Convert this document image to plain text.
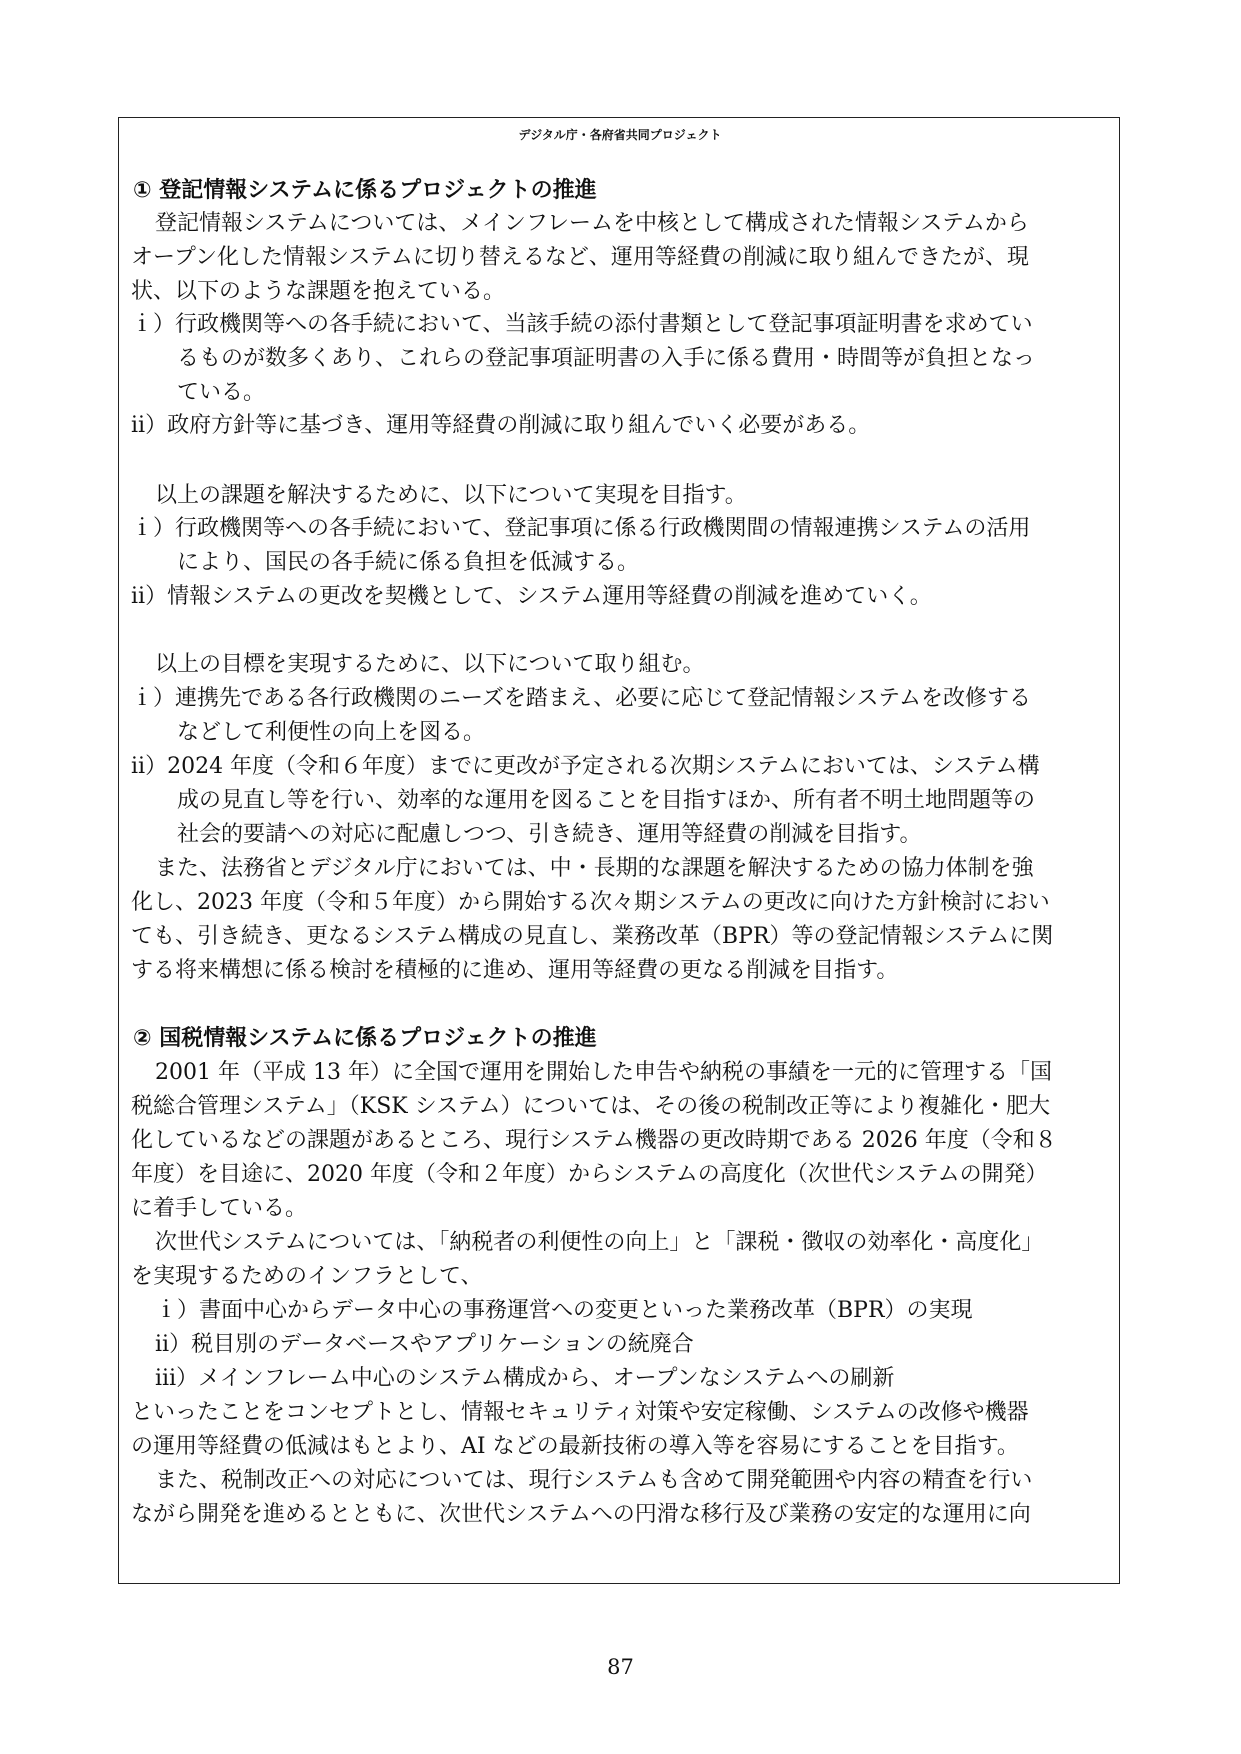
デジタル庁・各府省共同プロジェクト
① 登記情報システムに係るプロジェクトの推進
登記情報システムについては、メインフレームを中核として構成された情報システムから
オープン化した情報システムに切り替えるなど、運用等経費の削減に取り組んできたが、現
状、以下のような課題を抱えている。
ｉ）行政機関等への各手続において、当該手続の添付書類として登記事項証明書を求めてい
るものが数多くあり、これらの登記事項証明書の入手に係る費用・時間等が負担となっ
ている。
ⅱ）政府方針等に基づき、運用等経費の削減に取り組んでいく必要がある。
以上の課題を解決するために、以下について実現を目指す。
ｉ）行政機関等への各手続において、登記事項に係る行政機関間の情報連携システムの活用
により、国民の各手続に係る負担を低減する。
ⅱ）情報システムの更改を契機として、システム運用等経費の削減を進めていく。
以上の目標を実現するために、以下について取り組む。
ｉ）連携先である各行政機関のニーズを踏まえ、必要に応じて登記情報システムを改修する
などして利便性の向上を図る。
ⅱ）2024 年度（令和６年度）までに更改が予定される次期システムにおいては、システム構
成の見直し等を行い、効率的な運用を図ることを目指すほか、所有者不明土地問題等の
社会的要請への対応に配慮しつつ、引き続き、運用等経費の削減を目指す。
また、法務省とデジタル庁においては、中・長期的な課題を解決するための協力体制を強
化し、2023 年度（令和５年度）から開始する次々期システムの更改に向けた方針検討におい
ても、引き続き、更なるシステム構成の見直し、業務改革（BPR）等の登記情報システムに関
する将来構想に係る検討を積極的に進め、運用等経費の更なる削減を目指す。
② 国税情報システムに係るプロジェクトの推進
2001 年（平成 13 年）に全国で運用を開始した申告や納税の事績を一元的に管理する「国
税総合管理システム」（KSK システム）については、その後の税制改正等により複雑化・肥大
化しているなどの課題があるところ、現行システム機器の更改時期である 2026 年度（令和８
年度）を目途に、2020 年度（令和２年度）からシステムの高度化（次世代システムの開発）
に着手している。
次世代システムについては、「納税者の利便性の向上」と「課税・徴収の効率化・高度化」
を実現するためのインフラとして、
ｉ）書面中心からデータ中心の事務運営への変更といった業務改革（BPR）の実現
ⅱ）税目別のデータベースやアプリケーションの統廃合
ⅲ）メインフレーム中心のシステム構成から、オープンなシステムへの刷新
といったことをコンセプトとし、情報セキュリティ対策や安定稼働、システムの改修や機器
の運用等経費の低減はもとより、AI などの最新技術の導入等を容易にすることを目指す。
また、税制改正への対応については、現行システムも含めて開発範囲や内容の精査を行い
ながら開発を進めるとともに、次世代システムへの円滑な移行及び業務の安定的な運用に向
87
